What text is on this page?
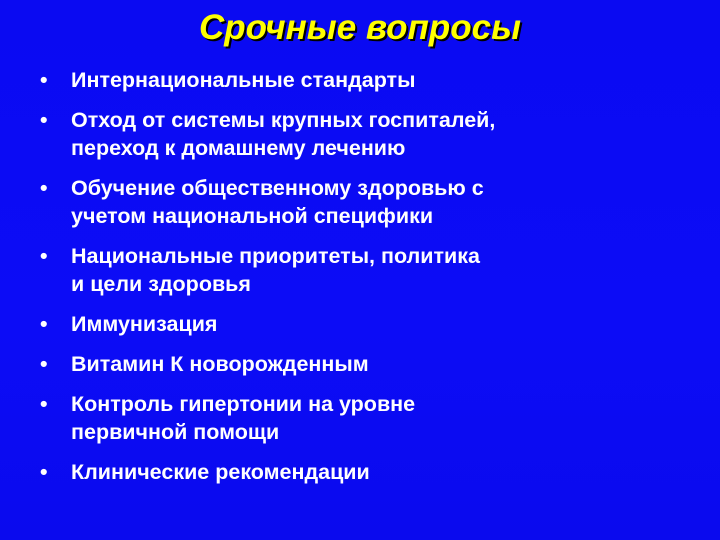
Срочные вопросы
•	Интернациональные стандарты
•	Отход от системы крупных госпиталей,
переход к домашнему лечению
•	Обучение общественному здоровью с
учетом национальной специфики
•	Национальные приоритеты, политика
и цели здоровья
•	Иммунизация
•	Витамин К новорожденным
•	Контроль гипертонии на уровне
первичной помощи
•	Клинические рекомендации
